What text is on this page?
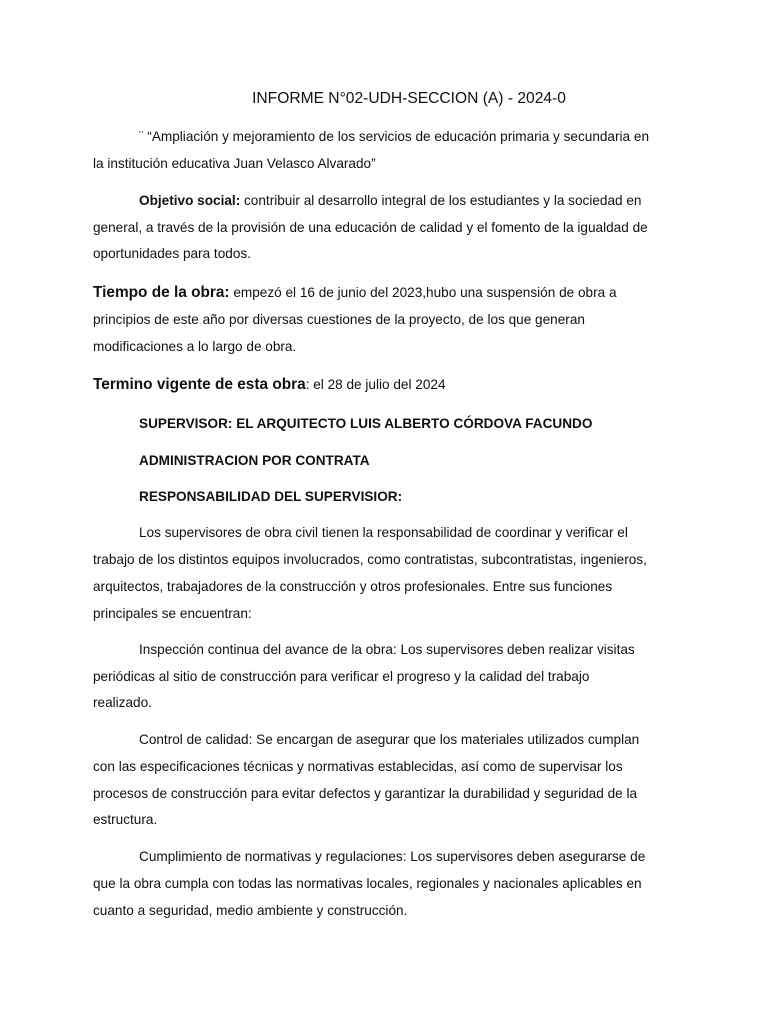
INFORME N°02-UDH-SECCION (A) - 2024-0
¨ “Ampliación y mejoramiento de los servicios de educación primaria y secundaria en
la institución educativa Juan Velasco Alvarado”
Objetivo social: contribuir al desarrollo integral de los estudiantes y la sociedad en
general, a través de la provisión de una educación de calidad y el fomento de la igualdad de
oportunidades para todos.
Tiempo de la obra: empezó el 16 de junio del 2023,hubo una suspensión de obra a
principios de este año por diversas cuestiones de la proyecto, de los que generan
modificaciones a lo largo de obra.
Termino vigente de esta obra: el 28 de julio del 2024
SUPERVISOR: EL ARQUITECTO LUIS ALBERTO CÓRDOVA FACUNDO
ADMINISTRACION POR CONTRATA
RESPONSABILIDAD DEL SUPERVISIOR:
Los supervisores de obra civil tienen la responsabilidad de coordinar y verificar el
trabajo de los distintos equipos involucrados, como contratistas, subcontratistas, ingenieros,
arquitectos, trabajadores de la construcción y otros profesionales. Entre sus funciones
principales se encuentran:
Inspección continua del avance de la obra: Los supervisores deben realizar visitas
periódicas al sitio de construcción para verificar el progreso y la calidad del trabajo
realizado.
Control de calidad: Se encargan de asegurar que los materiales utilizados cumplan
con las especificaciones técnicas y normativas establecidas, así como de supervisar los
procesos de construcción para evitar defectos y garantizar la durabilidad y seguridad de la
estructura.
Cumplimiento de normativas y regulaciones: Los supervisores deben asegurarse de
que la obra cumpla con todas las normativas locales, regionales y nacionales aplicables en
cuanto a seguridad, medio ambiente y construcción.
